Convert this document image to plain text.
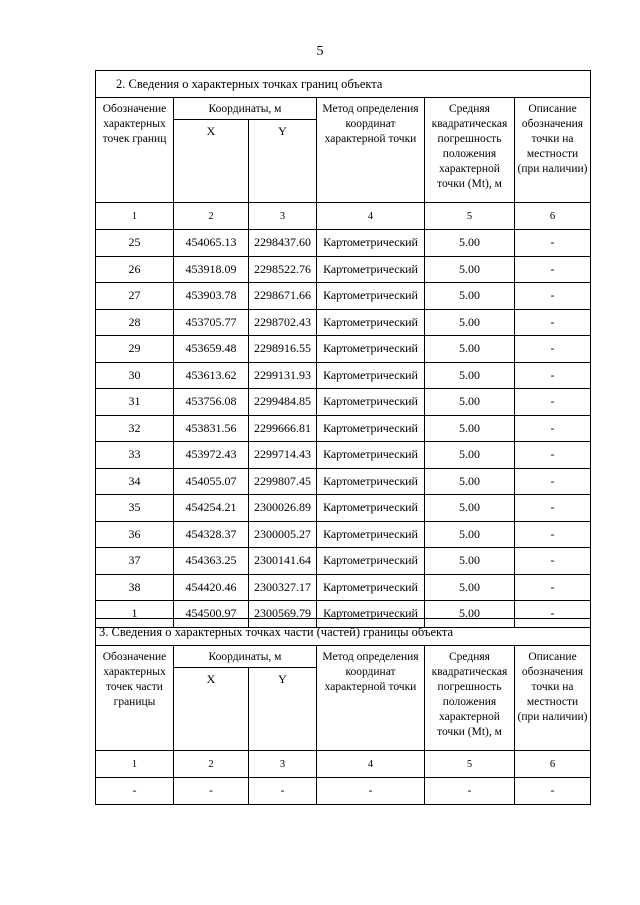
5
2. Сведения о характерных точках границ объекта					
Обозначение характерных точек границ	Координаты, м		Метод определения координат характерной точки	Средняя квадратическая погрешность положения характерной точки (Mt), м	Описание обозначения точки на местности (при наличии)
	X	Y			
1	2	3	4	5	6
25	454065.13	2298437.60	Картометрический	5.00	-
26	453918.09	2298522.76	Картометрический	5.00	-
27	453903.78	2298671.66	Картометрический	5.00	-
28	453705.77	2298702.43	Картометрический	5.00	-
29	453659.48	2298916.55	Картометрический	5.00	-
30	453613.62	2299131.93	Картометрический	5.00	-
31	453756.08	2299484.85	Картометрический	5.00	-
32	453831.56	2299666.81	Картометрический	5.00	-
33	453972.43	2299714.43	Картометрический	5.00	-
34	454055.07	2299807.45	Картометрический	5.00	-
35	454254.21	2300026.89	Картометрический	5.00	-
36	454328.37	2300005.27	Картометрический	5.00	-
37	454363.25	2300141.64	Картометрический	5.00	-
38	454420.46	2300327.17	Картометрический	5.00	-
1	454500.97	2300569.79	Картометрический	5.00	-
3. Сведения о характерных точках части (частей) границы объекта					
Обозначение характерных точек части границы	Координаты, м		Метод определения координат характерной точки	Средняя квадратическая погрешность положения характерной точки (Mt), м	Описание обозначения точки на местности (при наличии)
	X	Y			
1	2	3	4	5	6
-	-	-	-	-	-
